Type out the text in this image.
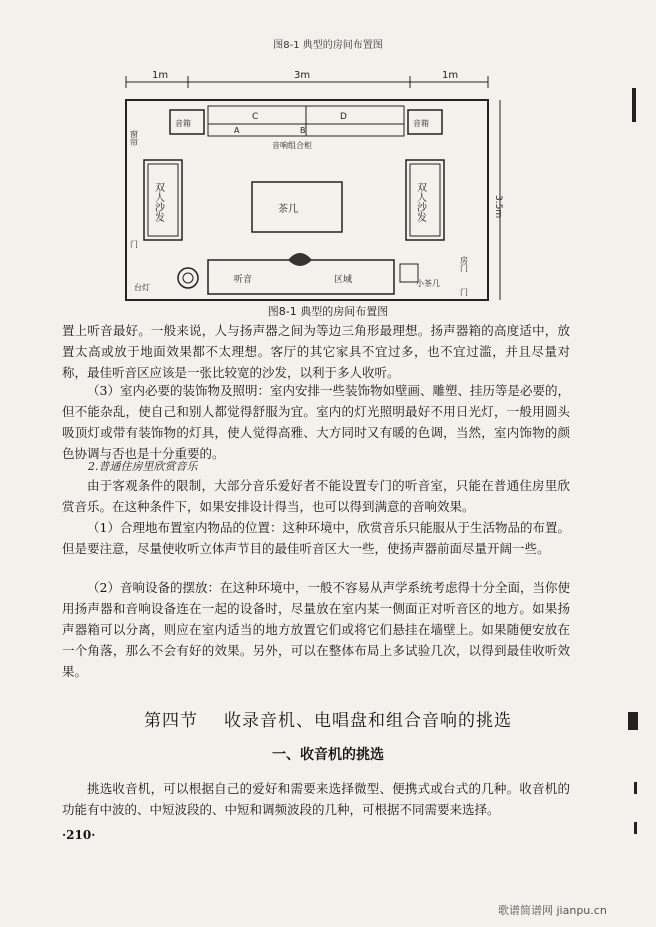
图8-1 典型的房间布置图
1m	3m	1m
3.5m
音箱
C	D
A	B
音箱
音响组合柜
窗帘
双人沙发	茶几	双人沙发
门
台灯
听音	区域	小茶几
房门
门
图8-1 典型的房间布置图

置上听音最好。一般来说，人与扬声器之间为等边三角形最理想。扬声器箱的高度适中，放置太高或放于地面效果都不太理想。客厅的其它家具不宜过多，也不宜过滥，并且尽量对称，最佳听音区应该是一张比较宽的沙发，以利于多人收听。

（3）室内必要的装饰物及照明：室内安排一些装饰物如壁画、雕塑、挂历等是必要的，但不能杂乱，使自己和别人都觉得舒服为宜。室内的灯光照明最好不用日光灯，一般用圆头吸顶灯或带有装饰物的灯具，使人觉得高雅、大方同时又有暖的色调，当然，室内饰物的颜色协调与否也是十分重要的。

2.普通住房里欣赏音乐

由于客观条件的限制，大部分音乐爱好者不能设置专门的听音室，只能在普通住房里欣赏音乐。在这种条件下，如果安排设计得当，也可以得到满意的音响效果。

（1）合理地布置室内物品的位置：这种环境中，欣赏音乐只能服从于生活物品的布置。但是要注意，尽量使收听立体声节目的最佳听音区大一些，使扬声器前面尽量开阔一些。

（2）音响设备的摆放：在这种环境中，一般不容易从声学系统考虑得十分全面，当你使用扬声器和音响设备连在一起的设备时，尽量放在室内某一侧面正对听音区的地方。如果扬声器箱可以分离，则应在室内适当的地方放置它们或将它们悬挂在墙壁上。如果随便安放在一个角落，那么不会有好的效果。另外，可以在整体布局上多试验几次，以得到最佳收听效果。

第四节 收录音机、电唱盘和组合音响的挑选
一、收音机的挑选

挑选收音机，可以根据自己的爱好和需要来选择微型、便携式或台式的几种。收音机的功能有中波的、中短波段的、中短和调频波段的几种，可根据不同需要来选择。

·210·
歌谱简谱网 jianpu.cn
